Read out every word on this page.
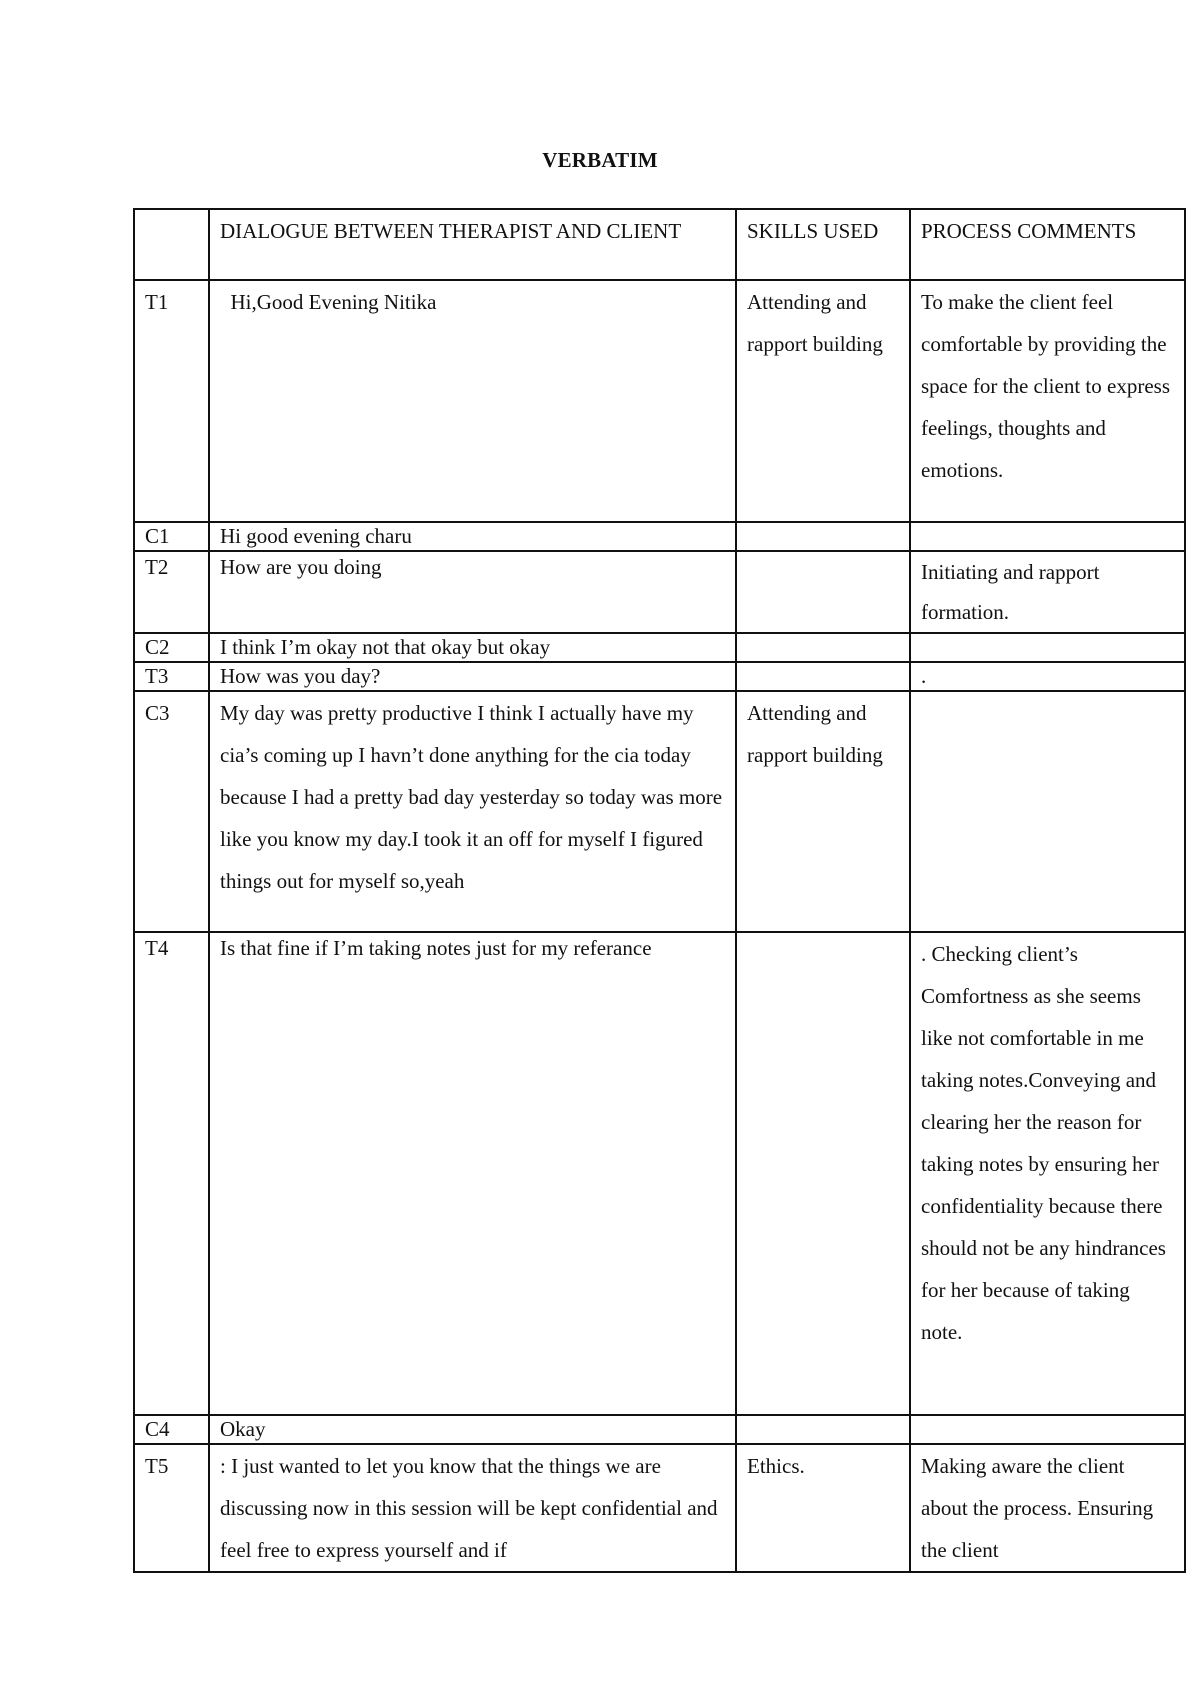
VERBATIM
	DIALOGUE BETWEEN THERAPIST AND CLIENT	SKILLS USED	PROCESS COMMENTS
T1	Hi,Good Evening Nitika	Attending and rapport building	To make the client feel comfortable by providing the space for the client to express feelings, thoughts and emotions.
C1	Hi good evening charu		
T2	How are you doing		Initiating and rapport formation.
C2	I think I’m okay not that okay but okay		
T3	How was you day?		.
C3	My day was pretty productive I think I actually have my cia’s coming up I havn’t done anything for the cia today because I had a pretty bad day yesterday so today was more like you know my day.I took it an off for myself I figured things out for myself so,yeah	Attending and rapport building	
T4	Is that fine if I’m taking notes just for my referance		. Checking client’s Comfortness as she seems like not comfortable in me taking notes.Conveying and clearing her the reason for taking notes by ensuring her confidentiality because there should not be any hindrances for her because of taking note.
C4	Okay		
T5	: I just wanted to let you know that the things we are discussing now in this session will be kept confidential and feel free to express yourself and if	Ethics.	Making aware the client about the process. Ensuring the client
